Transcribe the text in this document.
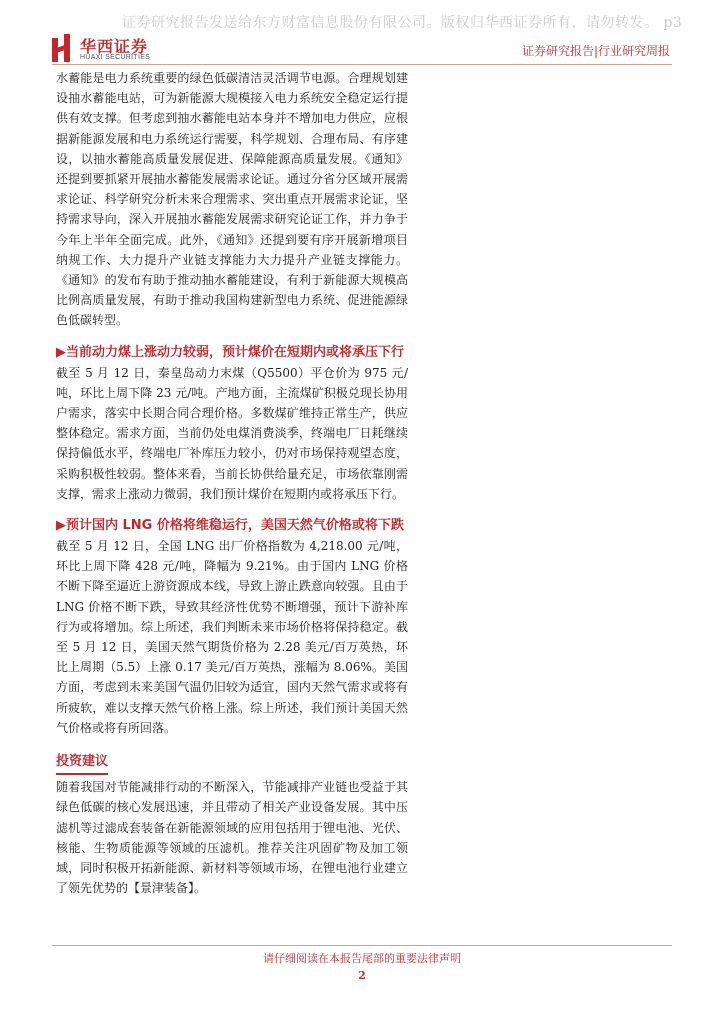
证券研究报告发送给东方财富信息股份有限公司。版权归华西证券所有，请勿转发。 p3
华西证券
HUAXI SECURITIES	证券研究报告|行业研究周报

水蓄能是电力系统重要的绿色低碳清洁灵活调节电源。合理规划建设抽水蓄能电站，可为新能源大规模接入电力系统安全稳定运行提供有效支撑。但考虑到抽水蓄能电站本身并不增加电力供应，应根据新能源发展和电力系统运行需要，科学规划、合理布局、有序建设，以抽水蓄能高质量发展促进、保障能源高质量发展。《通知》还提到要抓紧开展抽水蓄能发展需求论证。通过分省分区域开展需求论证、科学研究分析未来合理需求、突出重点开展需求论证，坚持需求导向，深入开展抽水蓄能发展需求研究论证工作，并力争于今年上半年全面完成。此外，《通知》还提到要有序开展新增项目纳规工作、大力提升产业链支撑能力大力提升产业链支撑能力。《通知》的发布有助于推动抽水蓄能建设，有利于新能源大规模高比例高质量发展，有助于推动我国构建新型电力系统、促进能源绿色低碳转型。

▶当前动力煤上涨动力较弱，预计煤价在短期内或将承压下行

截至 5 月 12 日，秦皇岛动力末煤（Q5500）平仓价为 975 元/吨，环比上周下降 23 元/吨。产地方面，主流煤矿积极兑现长协用户需求，落实中长期合同合理价格。多数煤矿维持正常生产，供应整体稳定。需求方面，当前仍处电煤消费淡季，终端电厂日耗继续保持偏低水平，终端电厂补库压力较小，仍对市场保持观望态度，采购积极性较弱。整体来看，当前长协供给量充足，市场依靠刚需支撑，需求上涨动力微弱，我们预计煤价在短期内或将承压下行。

▶预计国内 LNG 价格将维稳运行，美国天然气价格或将下跌

截至 5 月 12 日，全国 LNG 出厂价格指数为 4,218.00 元/吨，环比上周下降 428 元/吨，降幅为 9.21%。由于国内 LNG 价格不断下降至逼近上游资源成本线，导致上游止跌意向较强。且由于 LNG 价格不断下跌，导致其经济性优势不断增强，预计下游补库行为或将增加。综上所述，我们判断未来市场价格将保持稳定。截至 5 月 12 日，美国天然气期货价格为 2.28 美元/百万英热，环比上周期（5.5）上涨 0.17 美元/百万英热，涨幅为 8.06%。美国方面，考虑到未来美国气温仍旧较为适宜，国内天然气需求或将有所疲软，难以支撑天然气价格上涨。综上所述，我们预计美国天然气价格或将有所回落。

投资建议

随着我国对节能减排行动的不断深入，节能减排产业链也受益于其绿色低碳的核心发展迅速，并且带动了相关产业设备发展。其中压滤机等过滤成套装备在新能源领域的应用包括用于锂电池、光伏、核能、生物质能源等领域的压滤机。推荐关注巩固矿物及加工领域，同时积极开拓新能源、新材料等领域市场，在锂电池行业建立了领先优势的【景津装备】。

请仔细阅读在本报告尾部的重要法律声明
2
